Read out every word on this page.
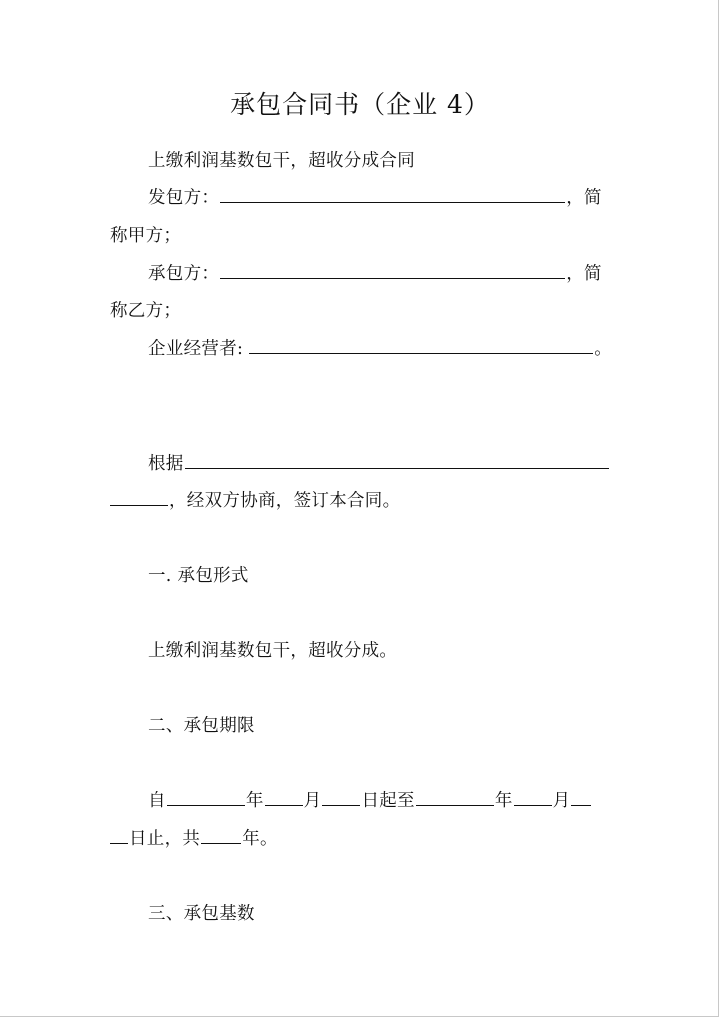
承包合同书（企业 4）
上缴利润基数包干，超收分成合同
发包方：	，简
称甲方；
承包方：	，简
称乙方；
企业经营者:	。
根据
，经双方协商，签订本合同。
一. 承包形式
上缴利润基数包干，超收分成。
二、承包期限
自	年 月 日起至	年 月
日止，共 年。
三、承包基数
